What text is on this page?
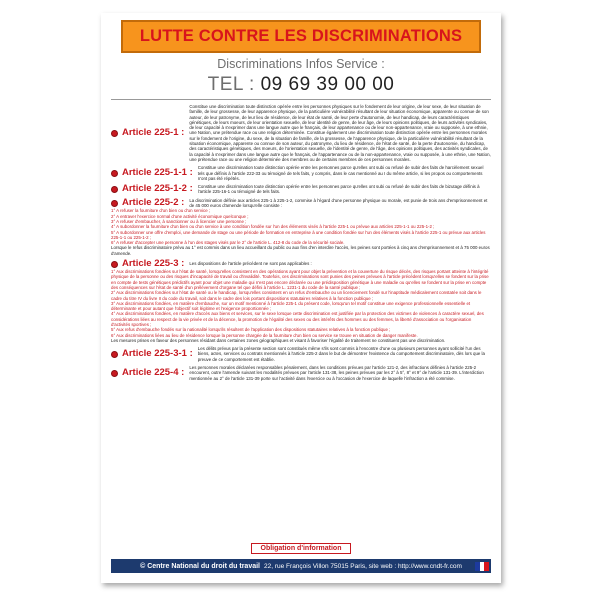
LUTTE CONTRE LES DISCRIMINATIONS
Discriminations Infos Service :
TEL : 09 69 39 00 00
Article 225-1 :
Constitue une discrimination toute distinction opérée entre les personnes physiques sur le fondement de leur origine, de leur sexe, de leur situation de famille, de leur grossesse, de leur apparence physique, de la particulière vulnérabilité résultant de leur situation économique, apparente ou connue de son auteur, de leur patronyme, de leur lieu de résidence, de leur état de santé, de leur perte d'autonomie, de leur handicap, de leurs caractéristiques génétiques, de leurs moeurs, de leur orientation sexuelle, de leur identité de genre, de leur âge, de leurs opinions politiques, de leurs activités syndicales, de leur capacité à s'exprimer dans une langue autre que le français, de leur appartenance ou de leur non-appartenance, vraie ou supposée, à une ethnie, une Nation, une prétendue race ou une religion déterminée. Constitue également une discrimination toute distinction opérée entre les personnes morales sur le fondement de l'origine, du sexe, de la situation de famille, de la grossesse, de l'apparence physique, de la particulière vulnérabilité résultant de la situation économique, apparente ou connue de son auteur, du patronyme, du lieu de résidence, de l'état de santé, de la perte d'autonomie, du handicap, des caractéristiques génétiques, des moeurs, de l'orientation sexuelle, de l'identité de genre, de l'âge, des opinions politiques, des activités syndicales, de la capacité à s'exprimer dans une langue autre que le français, de l'appartenance ou de la non-appartenance, vraie ou supposée, à une ethnie, une Nation, une prétendue race ou une religion déterminée des membres ou de certains membres de ces personnes morales.
Article 225-1-1 : Constitue une discrimination toute distinction opérée entre les personnes parce qu'elles ont subi ou refusé de subir des faits de harcèlement sexuel tels que définis à l'article 222-33 ou témoigné de tels faits, y compris, dans le cas mentionné au I du même article, si les propos ou comportements n'ont pas été répétés.
Article 225-1-2 : Constitue une discrimination toute distinction opérée entre les personnes parce qu'elles ont subi ou refusé de subir des faits de bizutage définis à l'article 225-16-1 ou témoigné de tels faits.
Article 225-2 : La discrimination définie aux articles 225-1 à 225-1-2, commise à l'égard d'une personne physique ou morale, est punie de trois ans d'emprisonnement et de 45 000 euros d'amende lorsqu'elle consiste :
1° A refuser la fourniture d'un bien ou d'un service ;
2° A entraver l'exercice normal d'une activité économique quelconque ;
3° A refuser d'embaucher, à sanctionner ou à licencier une personne ;
4° A subordonner la fourniture d'un bien ou d'un service à une condition fondée sur l'un des éléments visés à l'article 225-1 ou prévue aux articles 225-1-1 ou 225-1-2 ;
5° A subordonner une offre d'emploi, une demande de stage ou une période de formation en entreprise à une condition fondée sur l'un des éléments visés à l'article 225-1 ou prévue aux articles 225-1-1 ou 225-1-2 ;
6° A refuser d'accepter une personne à l'un des stages visés par le 2° de l'article L. 412-8 du code de la sécurité sociale.
Lorsque le refus discriminatoire prévu au 1° est commis dans un lieu accueillant du public ou aux fins d'en interdire l'accès, les peines sont portées à cinq ans d'emprisonnement et à 75 000 euros d'amende.
Article 225-3 : Les dispositions de l'article précédent ne sont pas applicables :
1° Aux discriminations fondées sur l'état de santé, lorsqu'elles consistent en des opérations ayant pour objet la prévention et la couverture du risque décès, des risques portant atteinte à l'intégrité physique de la personne ou des risques d'incapacité de travail ou d'invalidité. Toutefois, ces discriminations sont punies des peines prévues à l'article précédent lorsqu'elles se fondent sur la prise en compte de tests génétiques prédictifs ayant pour objet une maladie qui n'est pas encore déclarée ou une prédisposition génétique à une maladie ou qu'elles se fondent sur la prise en compte des conséquences sur l'état de santé d'un prélèvement d'organe tel que défini à l'article L. 1231-1 du code de la santé publique ;
2° Aux discriminations fondées sur l'état de santé ou le handicap, lorsqu'elles consistent en un refus d'embauche ou un licenciement fondé sur l'inaptitude médicalement constatée soit dans le cadre du titre IV du livre II du code du travail, soit dans le cadre des lois portant dispositions statutaires relatives à la fonction publique ;
3° Aux discriminations fondées, en matière d'embauche, sur un motif mentionné à l'article 225-1 du présent code, lorsqu'un tel motif constitue une exigence professionnelle essentielle et déterminante et pour autant que l'objectif soit légitime et l'exigence proportionnée ;
4° Aux discriminations fondées, en matière d'accès aux biens et services, sur le sexe lorsque cette discrimination est justifiée par la protection des victimes de violences à caractère sexuel, des considérations liées au respect de la vie privée et de la décence, la promotion de l'égalité des sexes ou des intérêts des hommes ou des femmes, la liberté d'association ou l'organisation d'activités sportives ;
5° Aux refus d'embauche fondés sur la nationalité lorsqu'ils résultent de l'application des dispositions statutaires relatives à la fonction publique ;
6° Aux discriminations liées au lieu de résidence lorsque la personne chargée de la fourniture d'un bien ou service se trouve en situation de danger manifeste.
Les mesures prises en faveur des personnes résidant dans certaines zones géographiques et visant à favoriser l'égalité de traitement ne constituent pas une discrimination.
Article 225-3-1 : Les délits prévus par la présente section sont constitués même s'ils sont commis à l'encontre d'une ou plusieurs personnes ayant sollicité l'un des biens, actes, services ou contrats mentionnés à l'article 225-2 dans le but de démontrer l'existence du comportement discriminatoire, dès lors que la preuve de ce comportement est établie.
Article 225-4 : Les personnes morales déclarées responsables pénalement, dans les conditions prévues par l'article 121-2, des infractions définies à l'article 225-2 encourent, outre l'amende suivant les modalités prévues par l'article 131-38, les peines prévues par les 2° à 5°, 8° et 9° de l'article 131-39. L'interdiction mentionnée au 2° de l'article 131-39 porte sur l'activité dans l'exercice ou à l'occasion de l'exercice de laquelle l'infraction a été commise.
Obligation d'information
© Centre National du droit du travail 22, rue François Villon 75015 Paris, site web : http://www.cndt-fr.com
